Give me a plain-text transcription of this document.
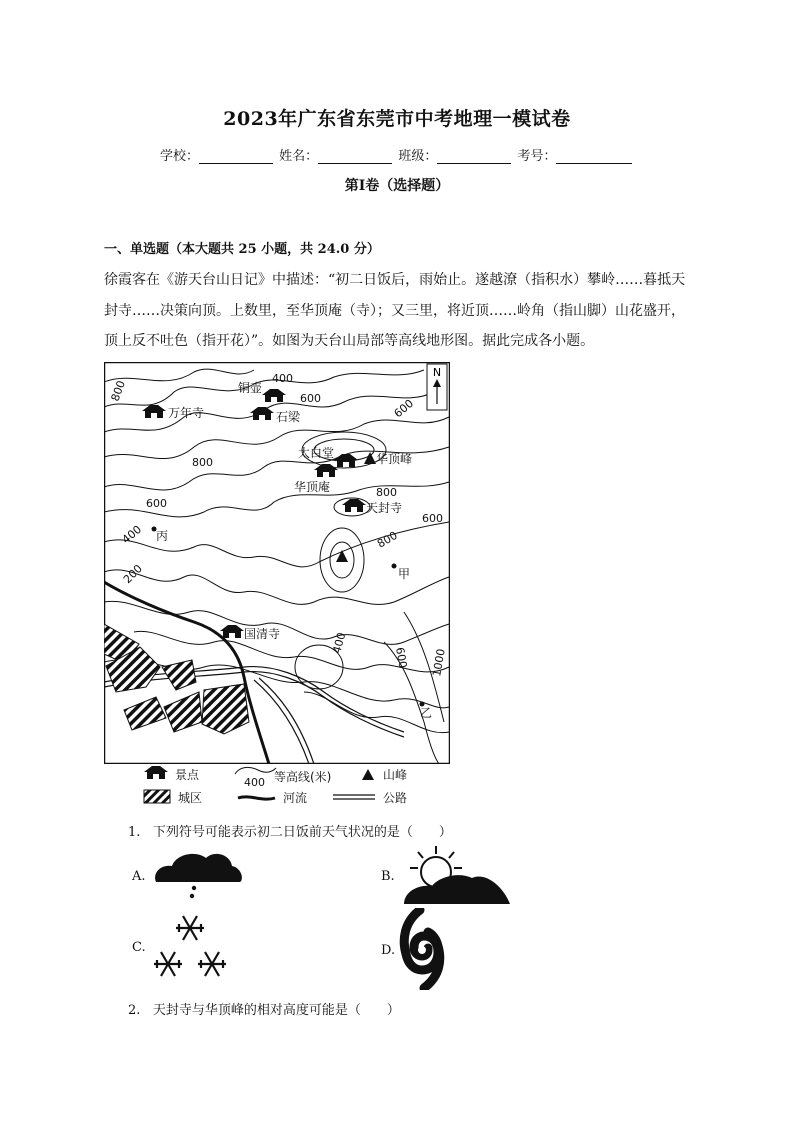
2023年广东省东莞市中考地理一模试卷
学校：	姓名：	班级：	考号：
第Ⅰ卷（选择题）
一、单选题（本大题共 25 小题，共 24.0 分）
徐霞客在《游天台山日记》中描述：“初二日饭后，雨始止。遂越潦（指积水）攀岭……暮抵天
封寺……决策向顶。上数里，至华顶庵（寺）；又三里，将近顶……岭角（指山脚）山花盛开，
顶上反不吐色（指开花）”。如图为天台山局部等高线地形图。据此完成各小题。
N
铜壶
万年寺	石梁
太白堂	华顶峰
华顶庵
天封寺
国清寺
丙
甲
乙
400
800	600	600
800
800
600
600
400
200
800
400
600 1000
景点
400 等高线(米)	山峰
城区	河流	公路
1. 下列符号可能表示初二日饭前天气状况的是（　　）
A.	B.
C.	D.
2. 天封寺与华顶峰的相对高度可能是（　　）
